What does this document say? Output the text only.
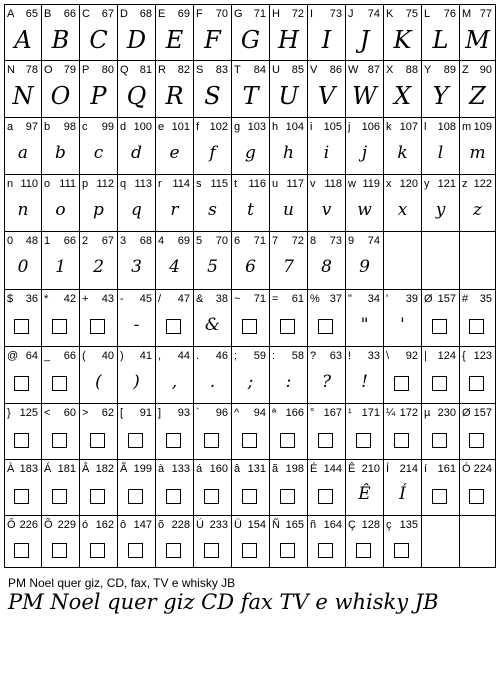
A 65
A
B 66
B
C 67
C
D 68
D
E 69
E
F 70
F
G 71
G
H 72
H
I 73
I
J 74
J
K 75
K
L 76
L
M 77
M
N 78
N
O 79
O
P 80
P
Q 81
Q
R 82
R
S 83
S
T 84
T
U 85
U
V 86
V
W 87
W
X 88
X
Y 89
Y
Z 90
Z
a 97
a
b 98
b
c 99
c
d 100
d
e 101
e
f 102
f
g 103
g
h 104
h
i 105
i
j 106
j
k 107
k
l 108
l
m 109
m
n 110
n
o 111
o
p 112
p
q 113
q
r 114
r
s 115
s
t 116
t
u 117
u
v 118
v
w 119
w
x 120
x
y 121
y
z 122
z
0 48
0
1 66
1
2 67
2
3 68
3
4 69
4
5 70
5
6 71
6
7 72
7
8 73
8
9 74
9
$ 36 * 42 + 43 - 45
-
/ 47 & 38
&
~ 71 = 61 % 37 " 34
"
' 39
'
Ø 157 # 35
@ 64 _ 66 ( 40
(
) 41
)
, 44
,
. 46
.
; 59
;
: 58
:
? 63
?
! 33
!
\ 92 | 124 { 123
} 125 < 60 > 62 [ 91 ] 93 ` 96 ^ 94 ª 166 ° 167 ¹ 171 ¼ 172 µ 230 Ø 157
À 183 Á 181 Â 182 Ã 199 à 133 á 160 â 131 ã 198 É 144 Ê 210
Ê
Í 214
Í
í 161 Ó 224
Ô 226 Õ 229 ó 162 ô 147 õ 228 Ú 233 Ü 154 Ñ 165 ñ 164 Ç 128 ç 135
PM Noel quer giz, CD, fax, TV e whisky JB
PM Noel quer giz CD fax TV e whisky JB
